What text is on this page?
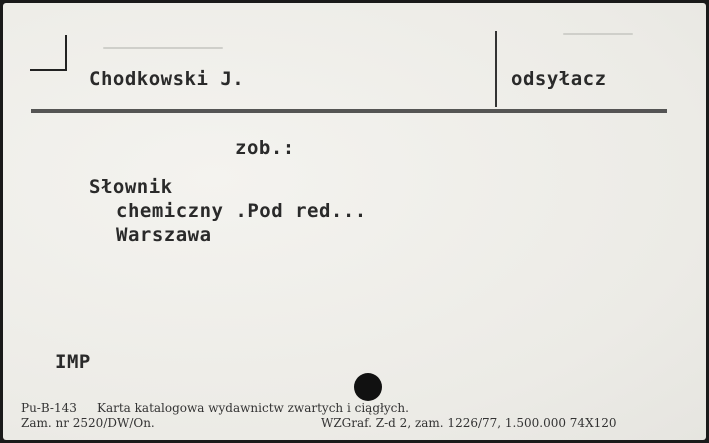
Chodkowski J.	odsyłacz
zob.:
Słownik
chemiczny .Pod red...
Warszawa
IMP
Pu-B-143 Karta katalogowa wydawnictw zwartych i ciągłych.
Zam. nr 2520/DW/On.	WZGraf. Z-d 2, zam. 1226/77, 1.500.000 74X120
